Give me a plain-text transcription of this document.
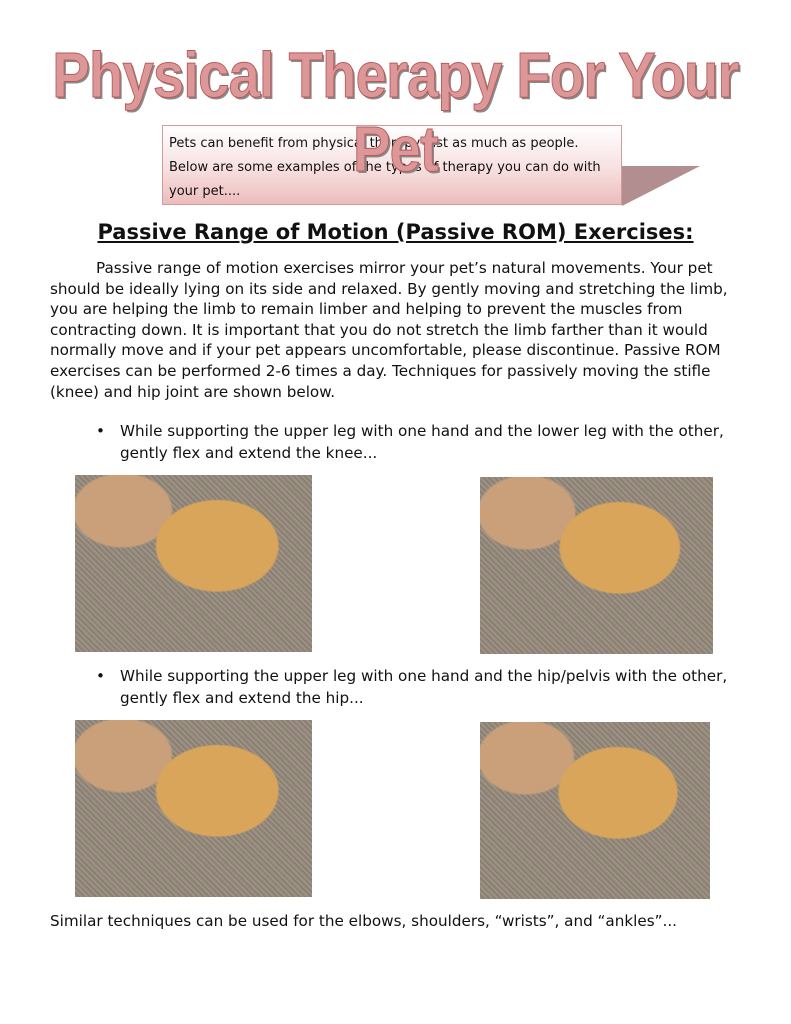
Physical Therapy For Your Pet
Pets can benefit from physical therapy just as much as people. Below are some examples of the types of therapy you can do with your pet....
Passive Range of Motion (Passive ROM) Exercises:

Passive range of motion exercises mirror your pet’s natural movements. Your pet should be ideally lying on its side and relaxed. By gently moving and stretching the limb, you are helping the limb to remain limber and helping to prevent the muscles from contracting down. It is important that you do not stretch the limb farther than it would normally move and if your pet appears uncomfortable, please discontinue. Passive ROM exercises can be performed 2-6 times a day. Techniques for passively moving the stifle (knee) and hip joint are shown below.

• While supporting the upper leg with one hand and the lower leg with the other, gently flex and extend the knee...
• While supporting the upper leg with one hand and the hip/pelvis with the other, gently flex and extend the hip...
Similar techniques can be used for the elbows, shoulders, “wrists”, and “ankles”...
